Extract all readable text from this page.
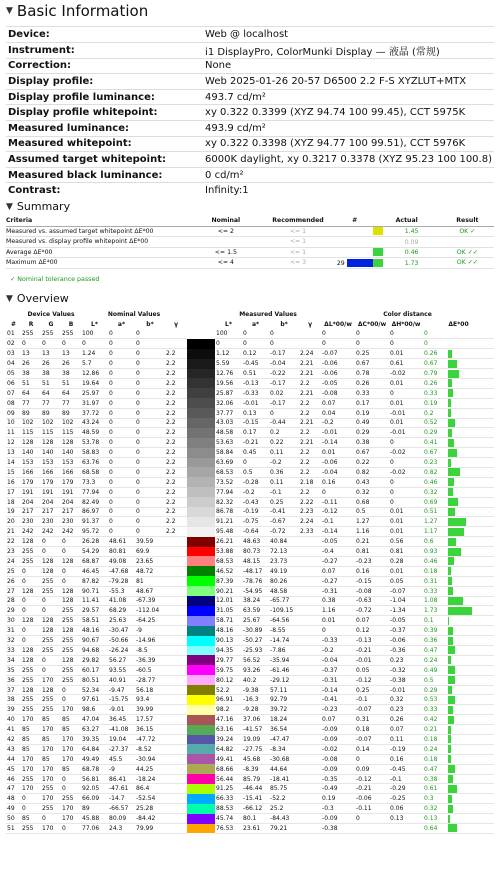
▼ Basic Information
Device:	Web @ localhost
Instrument:	i1 DisplayPro, ColorMunki Display — 液晶 (常规)
Correction:	None
Display profile:	Web 2025-01-26 20-57 D6500 2.2 F-S XYZLUT+MTX
Display profile luminance:	493.7 cd/m²
Display profile whitepoint:	xy 0.322 0.3399 (XYZ 94.74 100 99.45), CCT 5975K
Measured luminance:	493.9 cd/m²
Measured whitepoint:	xy 0.322 0.3398 (XYZ 94.77 100 99.51), CCT 5976K
Assumed target whitepoint:	6000K daylight, xy 0.3217 0.3378 (XYZ 95.23 100 100.8)
Measured black luminance:	0 cd/m²
Contrast:	Infinity:1
▼ Summary
Criteria	Nominal	Recommended	#	Actual	Result
Measured vs. assumed target whitepoint ΔE*00	<= 2	<= 1		1.45	OK ✓
Measured vs. display profile whitepoint ΔE*00		<= 1		0.09	
Average ΔE*00	<= 1.5	<= 1		0.46	OK ✓✓
Maximum ΔE*00	<= 4	<= 3	29	1.73	OK ✓✓
✓ Nominal tolerance passed
▼ Overview
	Device Values			Nominal Values					Measured Values				Color distance			
#	R	G	B	L*	a*	b*	γ		L*	a*	b*	γ	ΔL*00/w	ΔC*00/w	ΔH*00/w	ΔE*00
01	255	255	255	100	0	0			100	0	0		0	0	0	0
02	0	0	0	0	0	0			0	0	0		0	0	0	0
03	13	13	13	1.24	0	0	2.2		1.12	0.12	-0.17	2.24	-0.07	0.25	0.01	0.26
04	26	26	26	5.7	0	0	2.2		5.59	-0.45	-0.04	2.21	-0.06	0.67	0.61	0.67
05	38	38	38	12.86	0	0	2.2		12.76	0.51	-0.22	2.21	-0.06	0.78	-0.02	0.79
06	51	51	51	19.64	0	0	2.2		19.56	-0.13	-0.17	2.2	-0.05	0.26	0.01	0.26
07	64	64	64	25.97	0	0	2.2		25.87	-0.33	0.02	2.21	-0.08	0.33	0	0.33
08	77	77	77	31.97	0	0	2.2		32.06	-0.01	-0.17	2.2	0.07	0.17	0.01	0.19
09	89	89	89	37.72	0	0	2.2		37.77	0.13	0	2.2	0.04	0.19	-0.01	0.2
10	102	102	102	43.24	0	0	2.2		43.03	-0.15	-0.44	2.21	-0.2	0.49	0.01	0.52
11	115	115	115	48.59	0	0	2.2		48.58	0.17	0.2	2.2	-0.01	0.29	-0.01	0.29
12	128	128	128	53.78	0	0	2.2		53.63	-0.21	0.22	2.21	-0.14	0.38	0	0.41
13	140	140	140	58.83	0	0	2.2		58.84	0.45	0.11	2.2	0.01	0.67	-0.02	0.67
14	153	153	153	63.76	0	0	2.2		63.69	0	-0.2	2.2	-0.06	0.22	0	0.23
15	166	166	166	68.58	0	0	2.2		68.53	0.5	0.36	2.2	-0.04	0.82	-0.02	0.82
16	179	179	179	73.3	0	0	2.2		73.52	-0.28	0.11	2.18	0.16	0.43	0	0.46
17	191	191	191	77.94	0	0	2.2		77.94	-0.2	-0.1	2.2	0	0.32	0	0.32
18	204	204	204	82.49	0	0	2.2		82.32	-0.43	0.25	2.22	-0.11	0.68	0	0.69
19	217	217	217	86.97	0	0	2.2		86.78	-0.19	-0.41	2.23	-0.12	0.5	0.01	0.51
20	230	230	230	91.37	0	0	2.2		91.21	-0.75	-0.67	2.24	-0.1	1.27	0.01	1.27
21	242	242	242	95.72	0	0	2.2		95.48	-0.64	-0.72	2.33	-0.14	1.16	0.01	1.17
22	128	0	0	26.28	48.61	39.59			26.21	48.63	40.84		-0.05	0.21	0.56	0.6
23	255	0	0	54.29	80.81	69.9			53.88	80.73	72.13		-0.4	0.81	0.81	0.93
24	255	128	128	68.87	49.08	23.65			68.53	48.15	23.73		-0.27	-0.23	0.28	0.46
25	0	128	0	46.45	-47.68	48.72			46.52	-48.17	49.19		0.07	0.16	0.01	0.18
26	0	255	0	87.82	-79.28	81			87.39	-78.76	80.26		-0.27	-0.15	0.05	0.31
27	128	255	128	90.71	-55.3	48.67			90.21	-54.95	48.58		-0.31	-0.08	-0.07	0.33
28	0	0	128	11.41	41.08	-67.39			12.01	38.24	-65.77		0.38	-0.63	-1.04	1.08
29	0	0	255	29.57	68.29	-112.04			31.05	63.59	-109.15		1.16	-0.72	-1.34	1.73
30	128	128	255	58.51	25.63	-64.25			58.71	25.67	-64.56		0.01	0.07	-0.05	0.1
31	0	128	128	48.16	-30.47	-9			48.16	-30.89	-8.55		0	0.12	-0.37	0.39
32	0	255	255	90.67	-50.66	-14.96			90.13	-50.27	-14.74		-0.33	-0.13	-0.06	0.36
33	128	255	255	94.68	-26.24	-8.5			94.35	-25.93	-7.86		-0.2	-0.21	-0.36	0.47
34	128	0	128	29.82	56.27	-36.39			29.77	56.52	-35.94		-0.04	-0.01	0.23	0.24
35	255	0	255	60.17	93.55	-60.5			59.75	93.26	-61.46		-0.37	0.05	-0.32	0.49
36	255	170	255	80.51	40.91	-28.77			80.12	40.2	-29.12		-0.31	-0.12	-0.38	0.5
37	128	128	0	52.34	-9.47	56.18			52.2	-9.38	57.11		-0.14	0.25	-0.01	0.29
38	255	255	0	97.61	-15.75	93.4			96.91	-16.3	92.79		-0.41	-0.1	0.32	0.53
39	255	255	170	98.6	-9.01	39.99			98.2	-9.28	39.72		-0.23	-0.07	0.23	0.33
40	170	85	85	47.04	36.45	17.57			47.16	37.06	18.24		0.07	0.31	0.26	0.42
41	85	170	85	63.27	-41.08	36.15			63.16	-41.57	36.54		-0.09	0.18	0.07	0.21
42	85	85	170	39.35	19.04	-47.72			39.24	19.09	-47.47		-0.09	-0.07	0.11	0.18
43	85	170	170	64.84	-27.37	-8.52			64.82	-27.75	-8.34		-0.02	0.14	-0.19	0.24
44	170	85	170	49.49	45.5	-30.94			49.41	45.68	-30.68		-0.08	0	0.16	0.18
45	170	170	85	68.78	-9	44.25			68.66	-8.39	44.64		-0.09	0.09	-0.45	0.47
46	255	170	0	56.81	86.41	-18.24			56.44	85.79	-18.41		-0.35	-0.12	-0.1	0.38
47	170	255	0	92.05	-47.61	86.4			91.25	-46.44	85.75		-0.49	-0.21	-0.29	0.61
48	0	170	255	66.09	-14.7	-52.54			66.33	-15.41	-52.2		0.19	-0.06	-0.25	0.3
49	0	255	170	89	-66.57	25.28			88.53	-66.12	25.2		-0.3	-0.11	0.06	0.32
50	85	0	170	45.88	80.09	-84.42			45.74	80.1	-84.43		-0.09	0	0.13	0.13
51	255	170	0	77.06	24.3	79.99			76.53	23.61	79.21		-0.38			0.64
